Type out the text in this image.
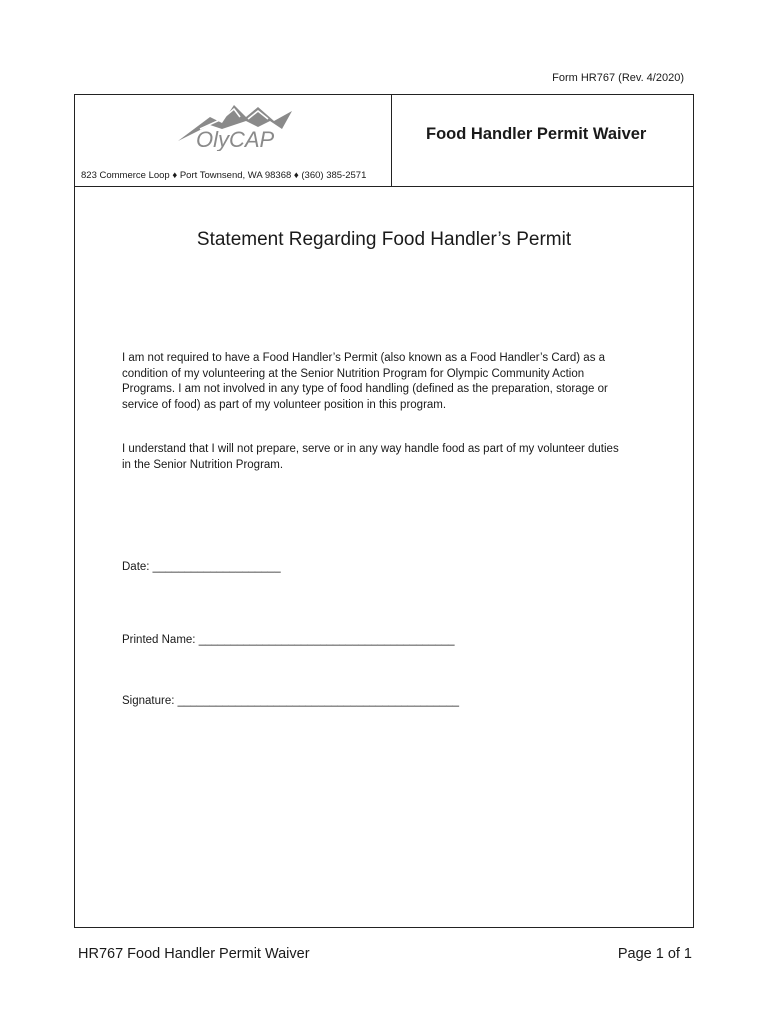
Form HR767 (Rev. 4/2020)
OlyCAP
823 Commerce Loop ♦ Port Townsend, WA 98368 ♦ (360) 385-2571
Food Handler Permit Waiver
Statement Regarding Food Handler’s Permit

I am not required to have a Food Handler’s Permit (also known as a Food Handler’s Card) as a condition of my volunteering at the Senior Nutrition Program for Olympic Community Action Programs. I am not involved in any type of food handling (defined as the preparation, storage or service of food) as part of my volunteer position in this program.

I understand that I will not prepare, serve or in any way handle food as part of my volunteer duties in the Senior Nutrition Program.

Date: ____________________
Printed Name: ________________________________________
Signature: ____________________________________________
HR767 Food Handler Permit Waiver	Page 1 of 1
